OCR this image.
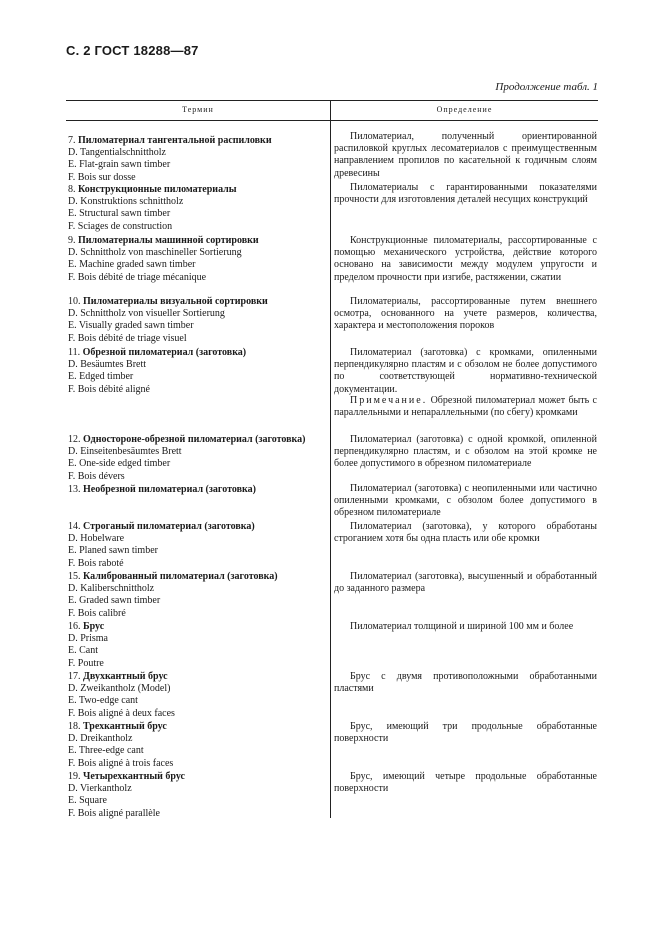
С. 2 ГОСТ 18288—87
Продолжение табл. 1
Термин	Определение
7. Пиломатериал тангентальной распиловки
D. Tangentialschnittholz
E. Flat-grain sawn timber
F. Bois sur dosse
Пиломатериал, полученный ориентированной распиловкой круглых лесоматериалов с преимущественным направлением пропилов по касательной к годичным слоям древесины
8. Конструкционные пиломатериалы
D. Konstruktions schnittholz
E. Structural sawn timber
F. Sciages de construction
Пиломатериалы с гарантированными показателями прочности для изготовления деталей несущих конструкций
9. Пиломатериалы машинной сортировки
D. Schnittholz von maschineller Sortierung
E. Machine graded sawn timber
F. Bois débité de triage mécanique
Конструкционные пиломатериалы, рассортированные с помощью механического устройства, действие которого основано на зависимости между модулем упругости и пределом прочности при изгибе, растяжении, сжатии
10. Пиломатериалы визуальной сортировки
D. Schnittholz von visueller Sortierung
E. Visually graded sawn timber
F. Bois débité de triage visuel
Пиломатериалы, рассортированные путем внешнего осмотра, основанного на учете размеров, количества, характера и местоположения пороков
11. Обрезной пиломатериал (заготовка)
D. Besäumtes Brett
E. Edged timber
F. Bois débité aligné
Пиломатериал (заготовка) с кромками, опиленными перпендикулярно пластям и с обзолом не более допустимого по соответствующей нормативно-технической документации.
12. Одностороне-обрезной пиломатериал (заготовка)
D. Einseitenbesäumtes Brett
E. One-side edged timber
F. Bois dévers
Пиломатериал (заготовка) с одной кромкой, опиленной перпендикулярно пластям, и с обзолом на этой кромке не более допустимого в обрезном пиломатериале
13. Необрезной пиломатериал (заготовка)	Пиломатериал (заготовка) с неопиленными или частично опиленными кромками, с обзолом более допустимого в обрезном пиломатериале
14. Строганый пиломатериал (заготовка)
D. Hobelware
E. Planed sawn timber
F. Bois raboté
Пиломатериал (заготовка), у которого обработаны строганием хотя бы одна пласть или обе кромки
15. Калиброванный пиломатериал (заготовка)
D. Kaliberschnittholz
E. Graded sawn timber
F. Bois calibré
Пиломатериал (заготовка), высушенный и обработанный до заданного размера
16. Брус
D. Prisma
E. Cant
F. Poutre
Пиломатериал толщиной и шириной 100 мм и более
17. Двухкантный брус
D. Zweikantholz (Model)
E. Two-edge cant
F. Bois aligné à deux faces
Брус с двумя противоположными обработанными пластями
18. Трехкантный брус
D. Dreikantholz
E. Three-edge cant
F. Bois aligné à trois faces
Брус, имеющий три продольные обработанные поверхности
19. Четырехкантный брус
D. Vierkantholz
E. Square
F. Bois aligné parallèle
Брус, имеющий четыре продольные обработанные поверхности
Примечание. Обрезной пиломатериал может быть с параллельными и непараллельными (по сбегу) кромками
